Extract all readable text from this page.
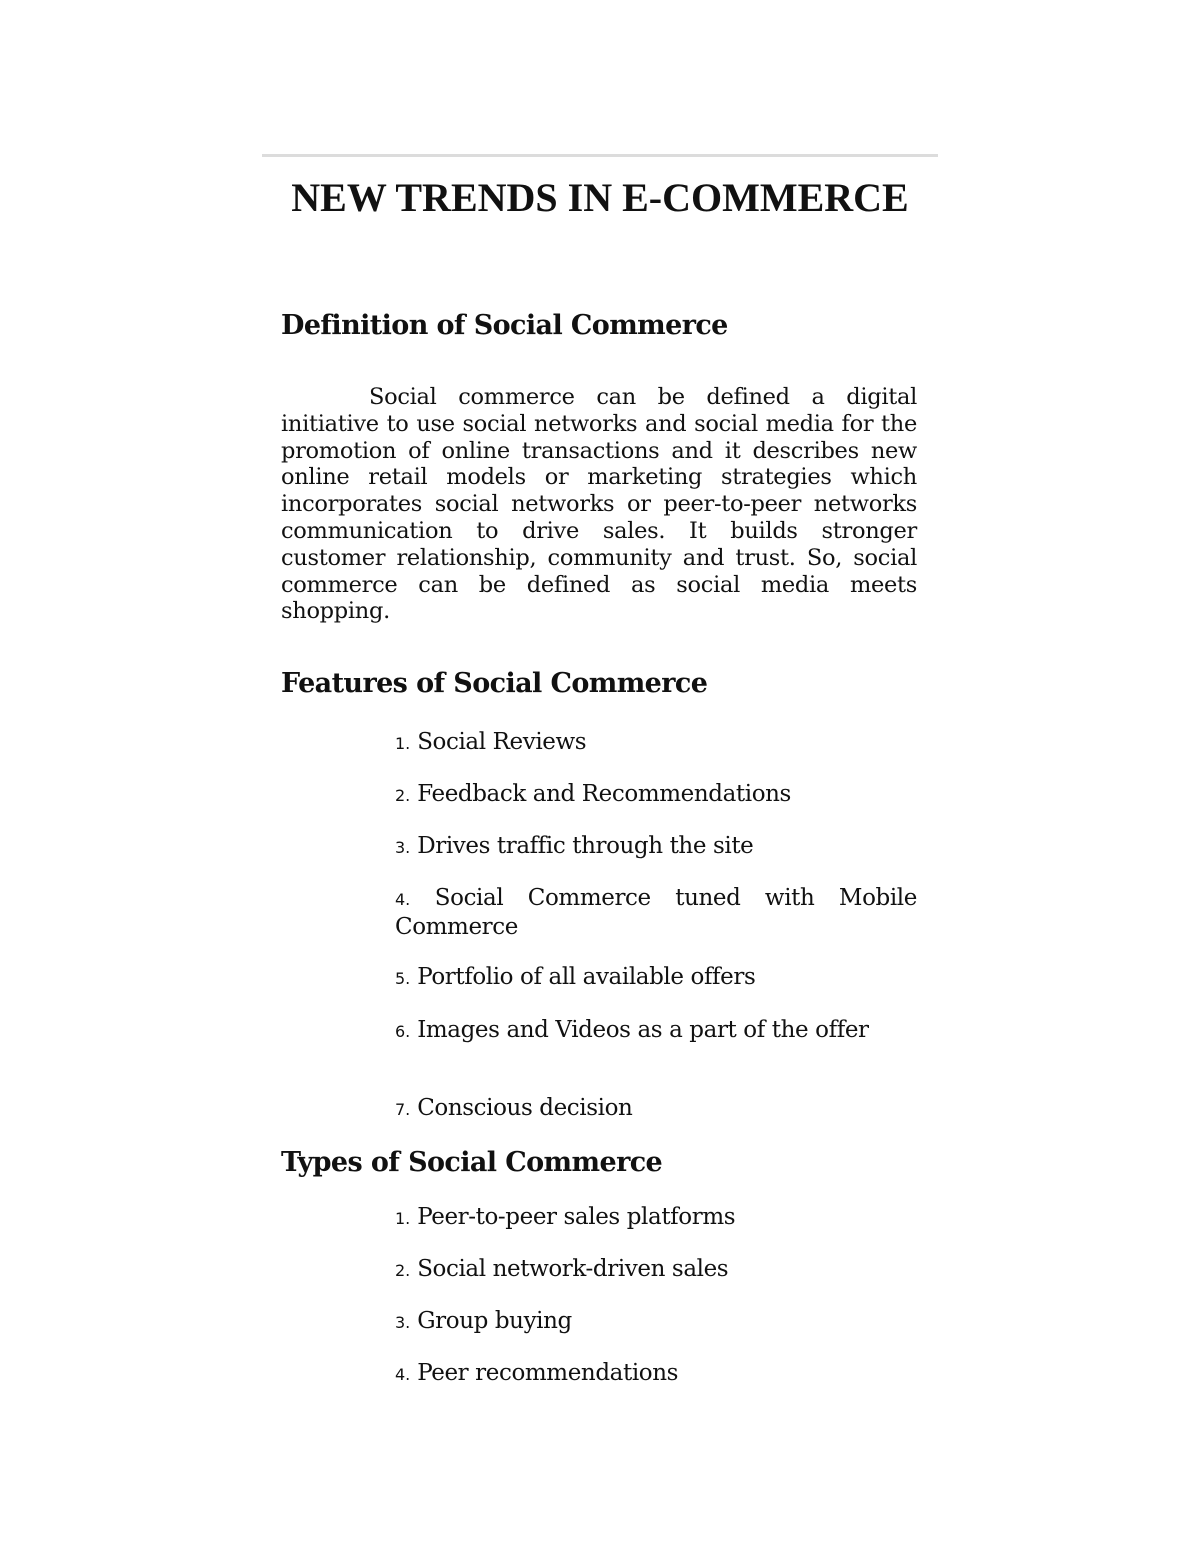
NEW TRENDS IN E-COMMERCE
Definition of Social Commerce

Social commerce can be defined a digital initiative to use social networks and social media for the promotion of online transactions and it describes new online retail models or marketing strategies which incorporates social networks or peer-to-peer networks communication to drive sales. It builds stronger customer relationship, community and trust. So, social commerce can be defined as social media meets shopping.

Features of Social Commerce

1. Social Reviews

2. Feedback and Recommendations

3. Drives traffic through the site

4. Social Commerce tuned with Mobile Commerce

5. Portfolio of all available offers

6. Images and Videos as a part of the offer

7. Conscious decision

Types of Social Commerce

1. Peer-to-peer sales platforms

2. Social network-driven sales

3. Group buying

4. Peer recommendations
